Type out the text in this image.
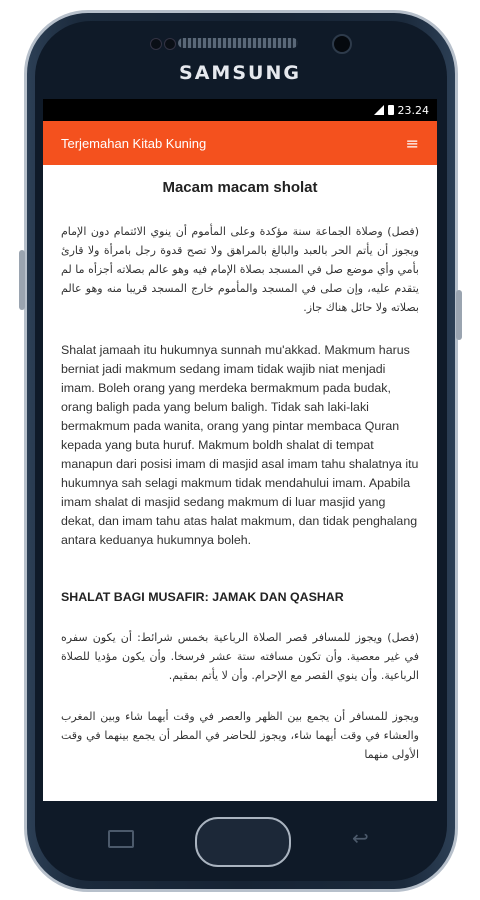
SAMSUNG
23.24
Terjemahan Kitab Kuning	≡
Macam macam sholat

(فصل) وصلاة الجماعة سنة مؤكدة وعلى المأموم أن ينوي الائتمام دون الإمام ويجوز أن يأتم الحر بالعبد والبالغ بالمراهق ولا تصح قدوة رجل بامرأة ولا قارئ بأمي وأي موضع صل في المسجد بصلاة الإمام فيه وهو عالم بصلاته أجزأه ما لم يتقدم عليه، وإن صلى في المسجد والمأموم خارج المسجد قريبا منه وهو عالم بصلاته ولا حائل هناك جاز.

Shalat jamaah itu hukumnya sunnah mu'akkad. Makmum harus berniat jadi makmum sedang imam tidak wajib niat menjadi imam. Boleh orang yang merdeka bermakmum pada budak, orang baligh pada yang belum baligh. Tidak sah laki-laki bermakmum pada wanita, orang yang pintar membaca Quran kepada yang buta huruf. Makmum boldh shalat di tempat manapun dari posisi imam di masjid asal imam tahu shalatnya itu hukumnya sah selagi makmum tidak mendahului imam. Apabila imam shalat di masjid sedang makmum di luar masjid yang dekat, dan imam tahu atas halat makmum, dan tidak penghalang antara keduanya hukumnya boleh.

SHALAT BAGI MUSAFIR: JAMAK DAN QASHAR

(فصل) ويجوز للمسافر قصر الصلاة الرباعية بخمس شرائط: أن يكون سفره في غير معصية. وأن تكون مسافته ستة عشر فرسخا. وأن يكون مؤديا للصلاة الرباعية. وأن ينوي القصر مع الإحرام. وأن لا يأتم بمقيم.

ويجوز للمسافر أن يجمع بين الظهر والعصر في وقت أيهما شاء وبين المغرب والعشاء في وقت أيهما شاء، ويجوز للحاضر في المطر أن يجمع بينهما في وقت الأولى منهما

↩
